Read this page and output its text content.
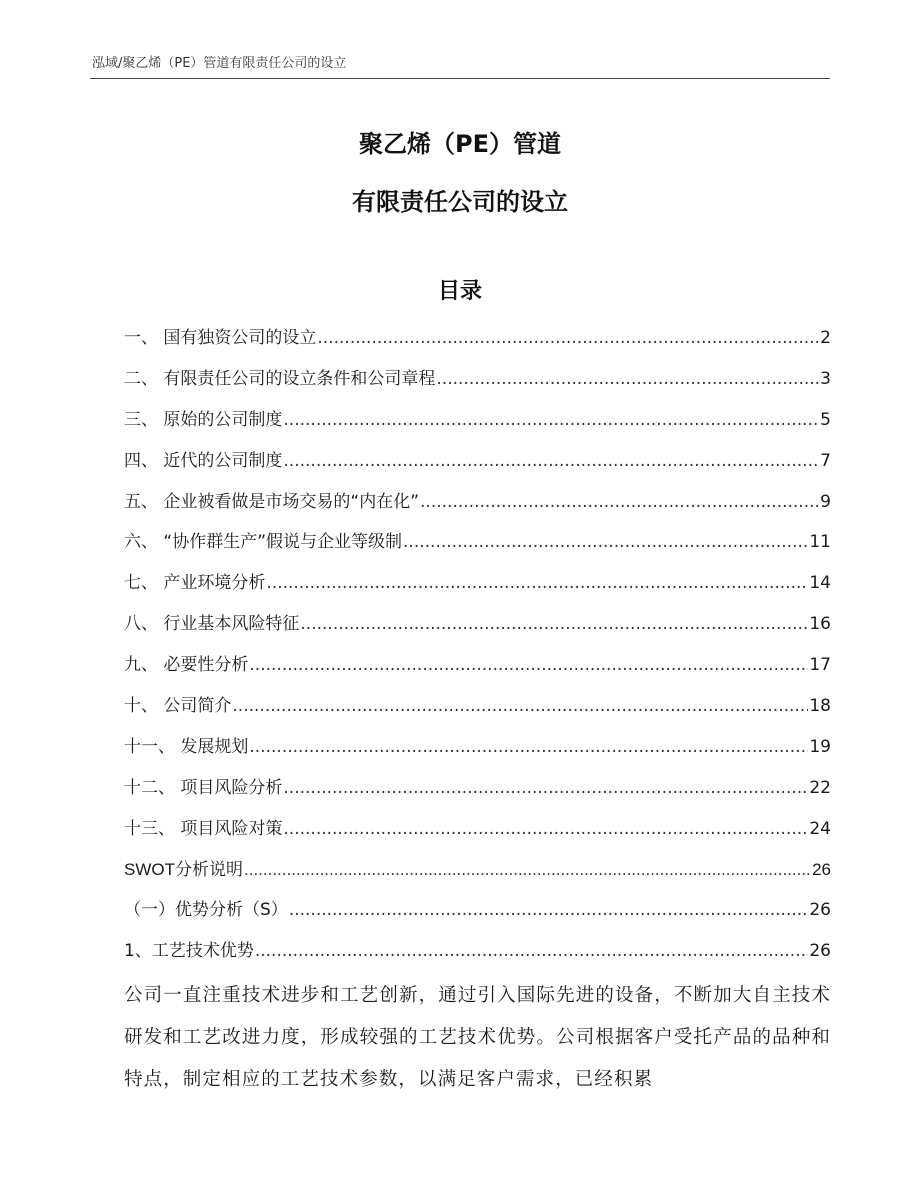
泓域/聚乙烯（PE）管道有限责任公司的设立
聚乙烯（PE）管道
有限责任公司的设立
目录
一、 国有独资公司的设立 .....	2
二、 有限责任公司的设立条件和公司章程 .....	3
三、 原始的公司制度 .....	5
四、 近代的公司制度 .....	7
五、 企业被看做是市场交易的“内在化” .....	9
六、 “协作群生产”假说与企业等级制 .....	11
七、 产业环境分析 .....	14
八、 行业基本风险特征 .....	16
九、 必要性分析 .....	17
十、 公司简介 .....	18
十一、 发展规划 .....	19
十二、 项目风险分析 .....	22
十三、 项目风险对策 .....	24
SWOT分析说明 .....	26
（一）优势分析（S） .....	26
1、工艺技术优势 .....	26
公司一直注重技术进步和工艺创新，通过引入国际先进的设备，不断加大自主技术研发和工艺改进力度，形成较强的工艺技术优势。公司根据客户受托产品的品种和特点，制定相应的工艺技术参数，以满足客户需求，已经积累
